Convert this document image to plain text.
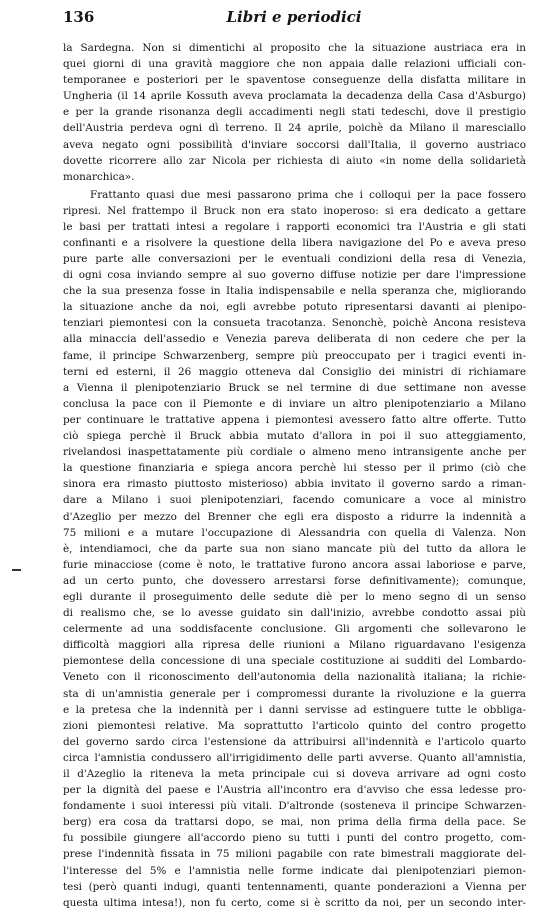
136	Libri e periodici
la Sardegna. Non si dimentichi al proposito che la situazione austriaca era in
quei giorni di una gravità maggiore che non appaia dalle relazioni ufficiali con-
temporanee e posteriori per le spaventose conseguenze della disfatta militare in
Ungheria (il 14 aprile Kossuth aveva proclamata la decadenza della Casa d'Asburgo)
e per la grande risonanza degli accadimenti negli stati tedeschi, dove il prestigio
dell'Austria perdeva ogni dì terreno. Il 24 aprile, poichè da Milano il maresciallo
aveva negato ogni possibilità d'inviare soccorsi dall'Italia, il governo austriaco
dovette ricorrere allo zar Nicola per richiesta di aiuto «in nome della solidarietà
monarchica».
Frattanto quasi due mesi passarono prima che i colloqui per la pace fossero
ripresi. Nel frattempo il Bruck non era stato inoperoso: si era dedicato a gettare
le basi per trattati intesi a regolare i rapporti economici tra l'Austria e gli stati
confinanti e a risolvere la questione della libera navigazione del Po e aveva preso
pure parte alle conversazioni per le eventuali condizioni della resa di Venezia,
di ogni cosa inviando sempre al suo governo diffuse notizie per dare l'impressione
che la sua presenza fosse in Italia indispensabile e nella speranza che, migliorando
la situazione anche da noi, egli avrebbe potuto ripresentarsi davanti ai plenipo-
tenziari piemontesi con la consueta tracotanza. Senonchè, poichè Ancona resisteva
alla minaccia dell'assedio e Venezia pareva deliberata di non cedere che per la
fame, il principe Schwarzenberg, sempre più preoccupato per i tragici eventi in-
terni ed esterni, il 26 maggio otteneva dal Consiglio dei ministri di richiamare
a Vienna il plenipotenziario Bruck se nel termine di due settimane non avesse
conclusa la pace con il Piemonte e di inviare un altro plenipotenziario a Milano
per continuare le trattative appena i piemontesi avessero fatto altre offerte. Tutto
ciò spiega perchè il Bruck abbia mutato d'allora in poi il suo atteggiamento,
rivelandosi inaspettatamente più cordiale o almeno meno intransigente anche per
la questione finanziaria e spiega ancora perchè lui stesso per il primo (ciò che
sinora era rimasto piuttosto misterioso) abbia invitato il governo sardo a riman-
dare a Milano i suoi plenipotenziari, facendo comunicare a voce al ministro
d'Azeglio per mezzo del Brenner che egli era disposto a ridurre la indennità a
75 milioni e a mutare l'occupazione di Alessandria con quella di Valenza. Non
è, intendiamoci, che da parte sua non siano mancate più del tutto da allora le
furie minacciose (come è noto, le trattative furono ancora assai laboriose e parve,
ad un certo punto, che dovessero arrestarsi forse definitivamente); comunque,
egli durante il proseguimento delle sedute diè per lo meno segno di un senso
di realismo che, se lo avesse guidato sin dall'inizio, avrebbe condotto assai più
celermente ad una soddisfacente conclusione. Gli argomenti che sollevarono le
difficoltà maggiori alla ripresa delle riunioni a Milano riguardavano l'esigenza
piemontese della concessione di una speciale costituzione ai sudditi del Lombardo-
Veneto con il riconoscimento dell'autonomia della nazionalità italiana; la richie-
sta di un'amnistia generale per i compromessi durante la rivoluzione e la guerra
e la pretesa che la indennità per i danni servisse ad estinguere tutte le obbliga-
zioni piemontesi relative. Ma soprattutto l'articolo quinto del contro progetto
del governo sardo circa l'estensione da attribuirsi all'indennità e l'articolo quarto
circa l'amnistia condussero all'irrigidimento delle parti avverse. Quanto all'amnistia,
il d'Azeglio la riteneva la meta principale cui si doveva arrivare ad ogni costo
per la dignità del paese e l'Austria all'incontro era d'avviso che essa ledesse pro-
fondamente i suoi interessi più vitali. D'altronde (sosteneva il principe Schwarzen-
berg) era cosa da trattarsi dopo, se mai, non prima della firma della pace. Se
fu possibile giungere all'accordo pieno su tutti i punti del contro progetto, com-
prese l'indennità fissata in 75 milioni pagabile con rate bimestrali maggiorate del-
l'interesse del 5% e l'amnistia nelle forme indicate dai plenipotenziari piemon-
tesi (però quanti indugi, quanti tentennamenti, quante ponderazioni a Vienna per
questa ultima intesa!), non fu certo, come si è scritto da noi, per un secondo inter-
